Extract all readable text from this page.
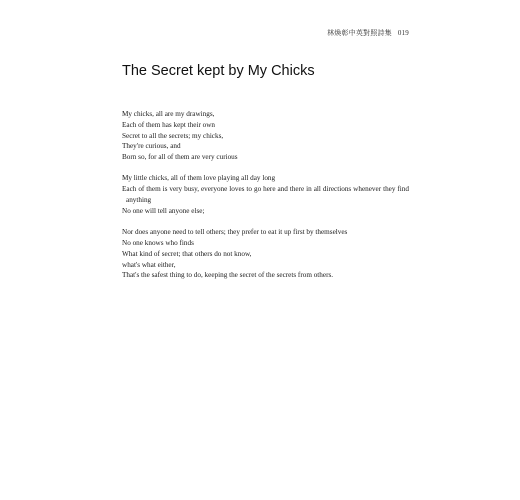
林煥彰中英對照詩集 019
The Secret kept by My Chicks
My chicks, all are my drawings,
Each of them has kept their own
Secret to all the secrets; my chicks,
They're curious, and
Born so, for all of them are very curious
My little chicks, all of them love playing all day long
Each of them is very busy, everyone loves to go here and there in all directions whenever they find
anything
No one will tell anyone else;
Nor does anyone need to tell others; they prefer to eat it up first by themselves
No one knows who finds
What kind of secret; that others do not know,
what's what either,
That's the safest thing to do, keeping the secret of the secrets from others.
